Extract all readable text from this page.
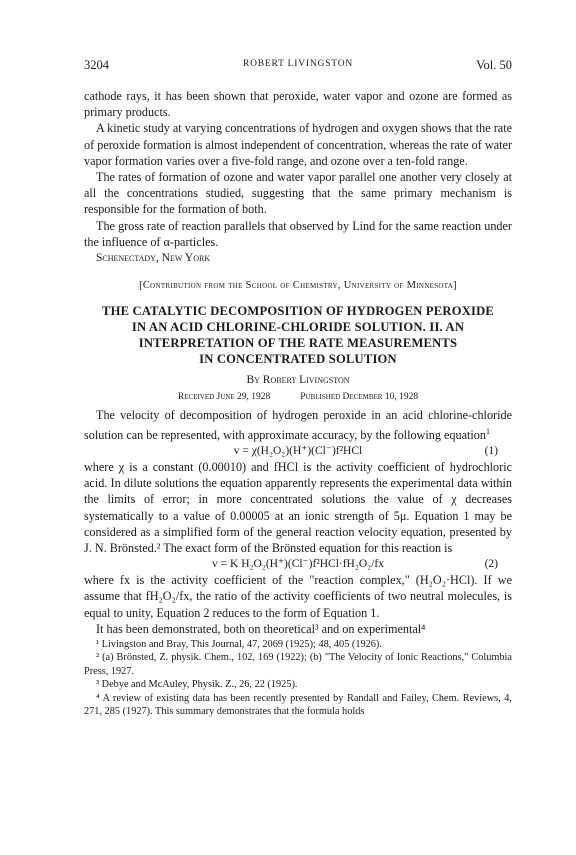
3204	ROBERT LIVINGSTON	Vol. 50

cathode rays, it has been shown that peroxide, water vapor and ozone are formed as primary products.

A kinetic study at varying concentrations of hydrogen and oxygen shows that the rate of peroxide formation is almost independent of concentration, whereas the rate of water vapor formation varies over a five-fold range, and ozone over a ten-fold range.

The rates of formation of ozone and water vapor parallel one another very closely at all the concentrations studied, suggesting that the same primary mechanism is responsible for the formation of both.

The gross rate of reaction parallels that observed by Lind for the same reaction under the influence of α-particles.

Schenectady, New York
[Contribution from the School of Chemistry, University of Minnesota]
THE CATALYTIC DECOMPOSITION OF HYDROGEN PEROXIDE
IN AN ACID CHLORINE-CHLORIDE SOLUTION. II. AN
INTERPRETATION OF THE RATE MEASUREMENTS
IN CONCENTRATED SOLUTION
By Robert Livingston
Received June 29, 1928	Published December 10, 1928

The velocity of decomposition of hydrogen peroxide in an acid chlorine-chloride solution can be represented, with approximate accuracy, by the following equation$^1$

v = χ(H₂O₂)(H⁺)(Cl⁻)f²HCl	(1)

where χ is a constant (0.00010) and fHCl is the activity coefficient of hydrochloric acid. In dilute solutions the equation apparently represents the experimental data within the limits of error; in more concentrated solutions the value of χ decreases systematically to a value of 0.00005 at an ionic strength of 5μ. Equation 1 may be considered as a simplified form of the general reaction velocity equation, presented by J. N. Brönsted.² The exact form of the Brönsted equation for this reaction is

v = K H₂O₂(H⁺)(Cl⁻)f²HCl·fH₂O₂/fx	(2)

where fx is the activity coefficient of the "reaction complex," (H₂O₂·HCl). If we assume that fH₂O₂/fx, the ratio of the activity coefficients of two neutral molecules, is equal to unity, Equation 2 reduces to the form of Equation 1.

It has been demonstrated, both on theoretical³ and on experimental⁴

¹ Livingston and Bray, This Journal, 47, 2069 (1925); 48, 405 (1926).

² (a) Brönsted, Z. physik. Chem., 102, 169 (1922); (b) "The Velocity of Ionic Reactions," Columbia Press, 1927.

³ Debye and McAuley, Physik. Z., 26, 22 (1925).

⁴ A review of existing data has been recently presented by Randall and Failey, Chem. Reviews, 4, 271, 285 (1927). This summary demonstrates that the formula holds
